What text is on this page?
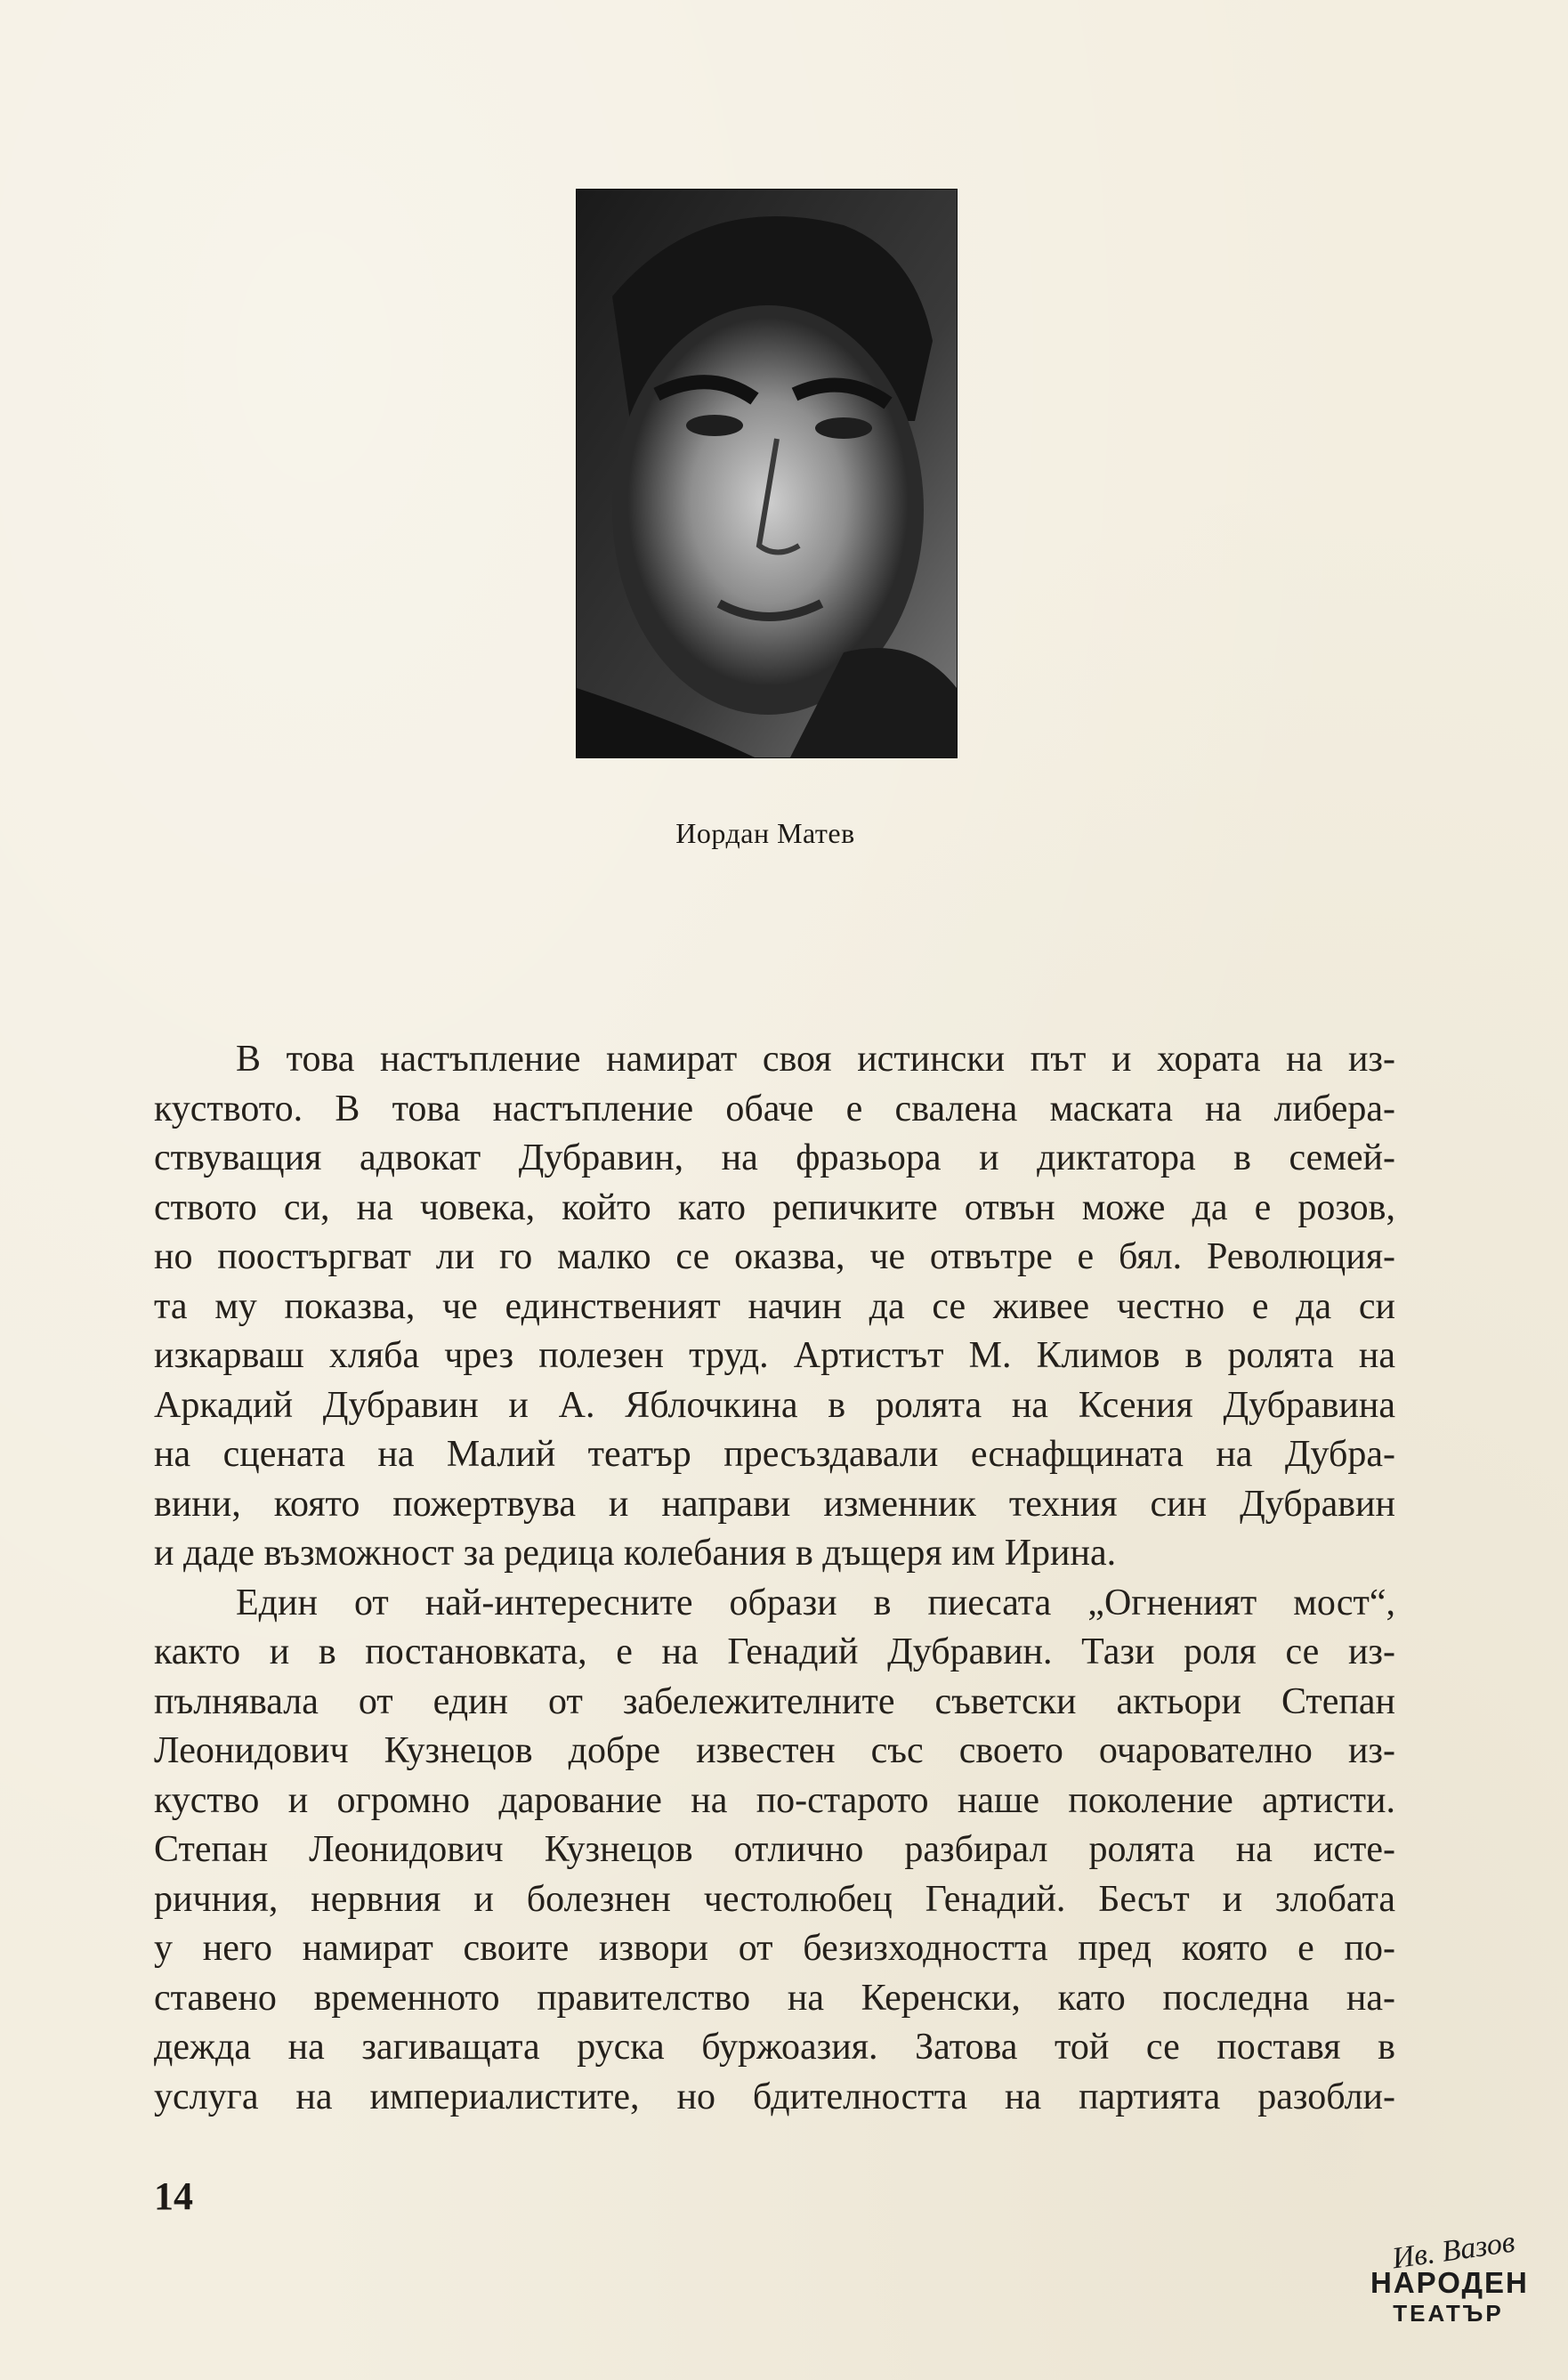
Иордан Матев
В това настъпление намират своя истински път и хората на из-
куството. В това настъпление обаче е свалена маската на либера-
ствуващия адвокат Дубравин, на фразьора и диктатора в семей-
ството си, на човека, който като репичките отвън може да е розов,
но поостъргват ли го малко се оказва, че отвътре е бял. Революция-
та му показва, че единственият начин да се живее честно е да си
изкарваш хляба чрез полезен труд. Артистът М. Климов в ролята на
Аркадий Дубравин и А. Яблочкина в ролята на Ксения Дубравина
на сцената на Малий театър пресъздавали еснафщината на Дубра-
вини, която пожертвува и направи изменник техния син Дубравин
и даде възможност за редица колебания в дъщеря им Ирина.
Един от най-интересните образи в пиесата „Огненият мост“,
както и в постановката, е на Генадий Дубравин. Тази роля се из-
пълнявала от един от забележителните съветски актьори Степан
Леонидович Кузнецов добре известен със своето очарователно из-
куство и огромно дарование на по-старото наше поколение артисти.
Степан Леонидович Кузнецов отлично разбирал ролята на исте-
ричния, нервния и болезнен честолюбец Генадий. Бесът и злобата
у него намират своите извори от безизходността пред която е по-
ставено временното правителство на Керенски, като последна на-
дежда на загиващата руска буржоазия. Затова той се поставя в
услуга на империалистите, но бдителността на партията разобли-
14
Ив. Вазов
НАРОДЕН
ТЕАТЪР
